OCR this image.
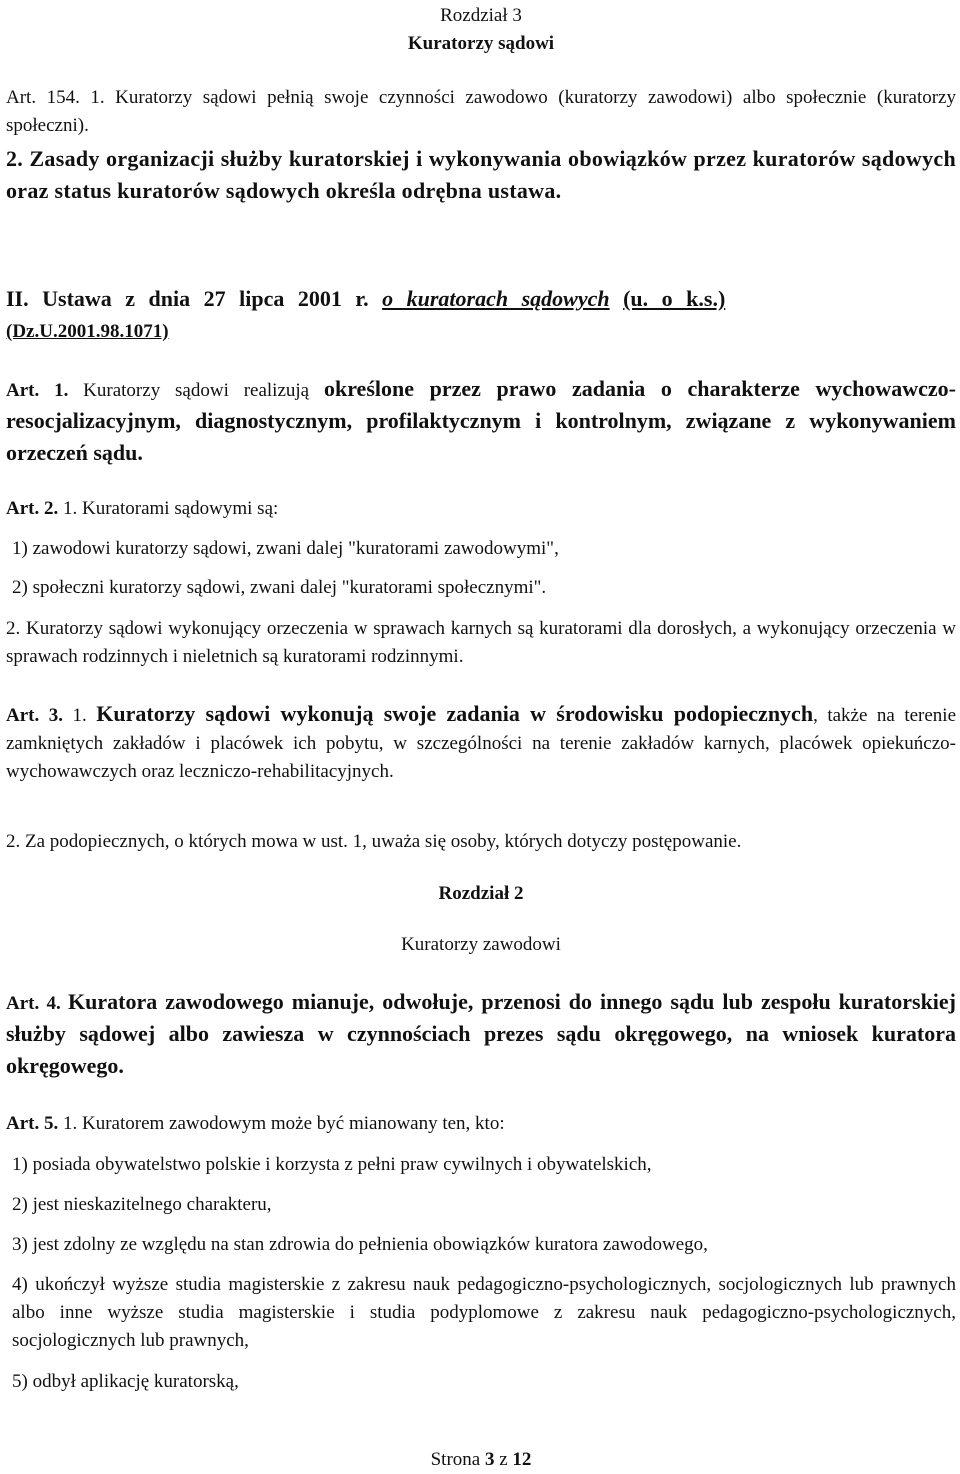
Rozdział 3
Kuratorzy sądowi
Art. 154. 1. Kuratorzy sądowi pełnią swoje czynności zawodowo (kuratorzy zawodowi) albo społecznie (kuratorzy społeczni).
2. Zasady organizacji służby kuratorskiej i wykonywania obowiązków przez kuratorów sądowych oraz status kuratorów sądowych określa odrębna ustawa.
II. Ustawa z dnia 27 lipca 2001 r. o kuratorach sądowych (u. o k.s.)
(Dz.U.2001.98.1071)
Art. 1. Kuratorzy sądowi realizują określone przez prawo zadania o charakterze wychowawczo-resocjalizacyjnym, diagnostycznym, profilaktycznym i kontrolnym, związane z wykonywaniem orzeczeń sądu.
Art. 2. 1. Kuratorami sądowymi są:
1) zawodowi kuratorzy sądowi, zwani dalej "kuratorami zawodowymi",
2) społeczni kuratorzy sądowi, zwani dalej "kuratorami społecznymi".
2. Kuratorzy sądowi wykonujący orzeczenia w sprawach karnych są kuratorami dla dorosłych, a wykonujący orzeczenia w sprawach rodzinnych i nieletnich są kuratorami rodzinnymi.
Art. 3. 1. Kuratorzy sądowi wykonują swoje zadania w środowisku podopiecznych, także na terenie zamkniętych zakładów i placówek ich pobytu, w szczególności na terenie zakładów karnych, placówek opiekuńczo-wychowawczych oraz leczniczo-rehabilitacyjnych.
2. Za podopiecznych, o których mowa w ust. 1, uważa się osoby, których dotyczy postępowanie.
Rozdział 2
Kuratorzy zawodowi
Art. 4. Kuratora zawodowego mianuje, odwołuje, przenosi do innego sądu lub zespołu kuratorskiej służby sądowej albo zawiesza w czynnościach prezes sądu okręgowego, na wniosek kuratora okręgowego.
Art. 5. 1. Kuratorem zawodowym może być mianowany ten, kto:
1) posiada obywatelstwo polskie i korzysta z pełni praw cywilnych i obywatelskich,
2) jest nieskazitelnego charakteru,
3) jest zdolny ze względu na stan zdrowia do pełnienia obowiązków kuratora zawodowego,
4) ukończył wyższe studia magisterskie z zakresu nauk pedagogiczno-psychologicznych, socjologicznych lub prawnych albo inne wyższe studia magisterskie i studia podyplomowe z zakresu nauk pedagogiczno-psychologicznych, socjologicznych lub prawnych,
5) odbył aplikację kuratorską,
Strona 3 z 12
